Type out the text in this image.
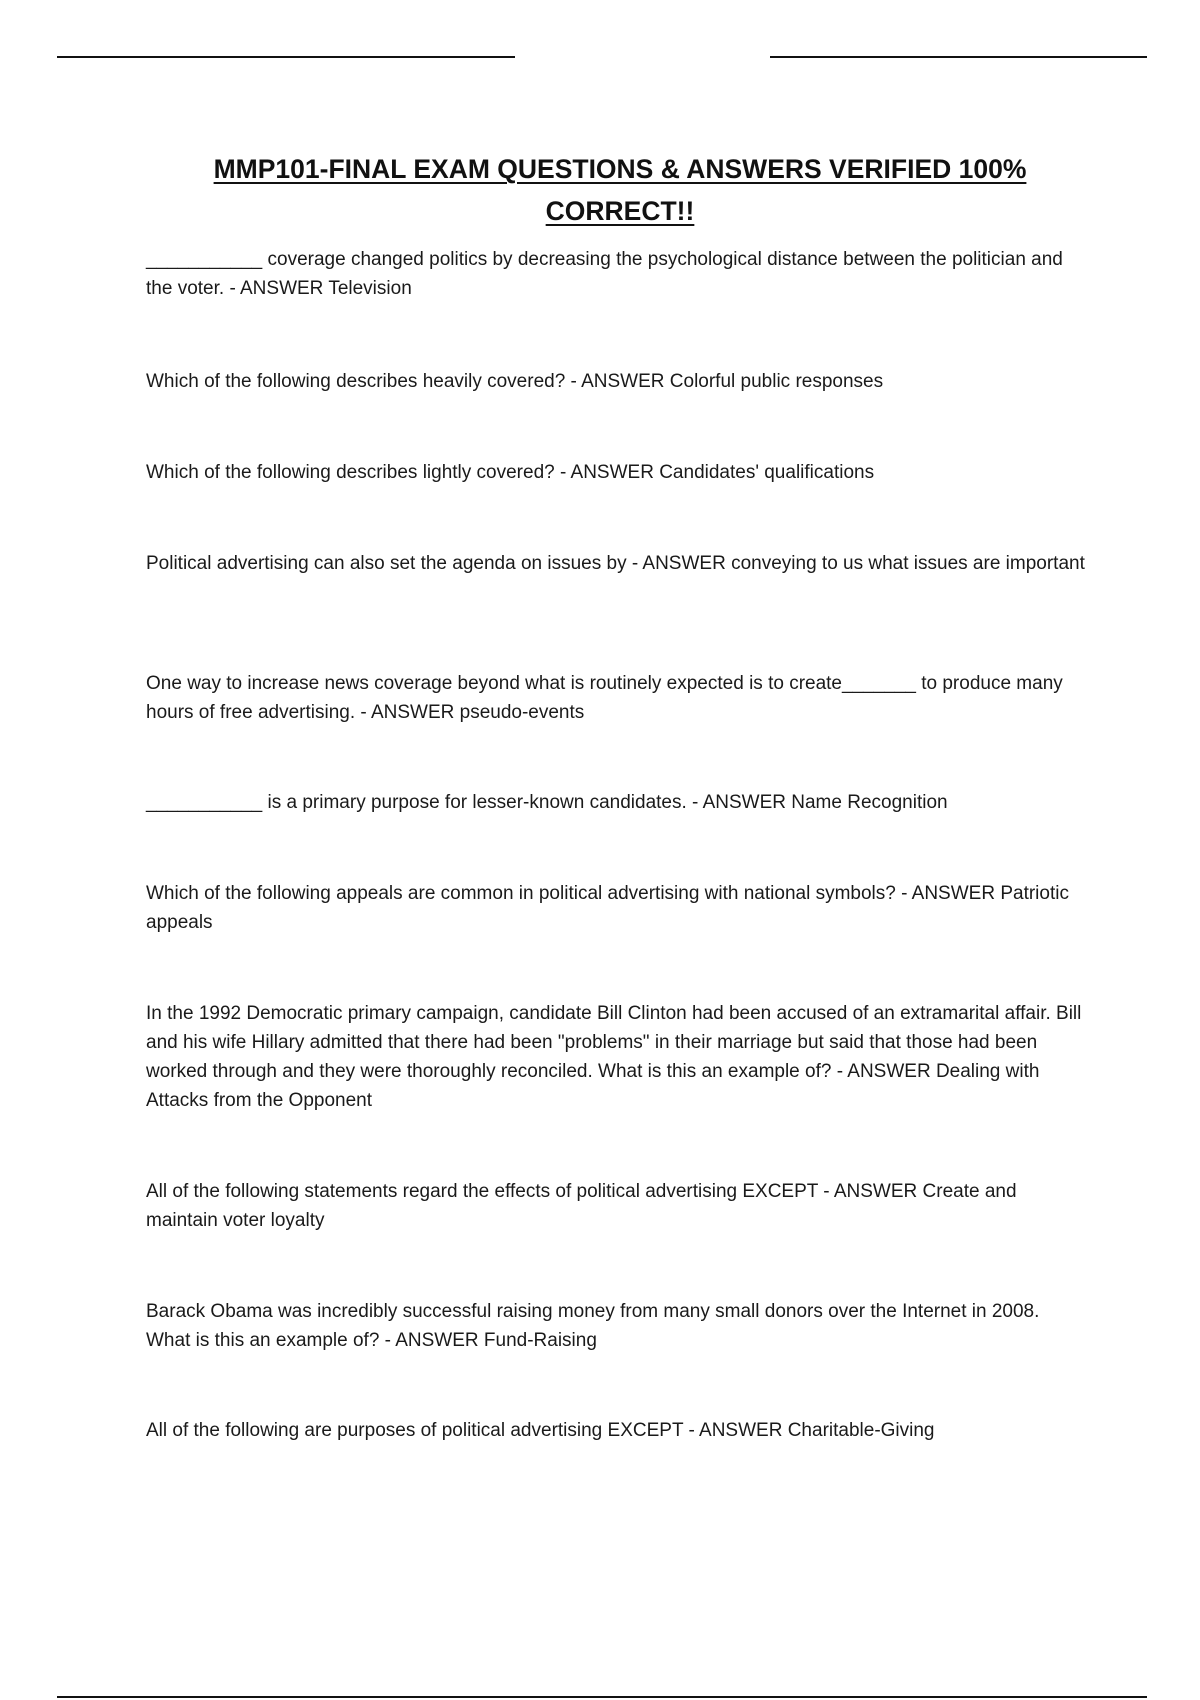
MMP101-FINAL EXAM QUESTIONS & ANSWERS VERIFIED 100% CORRECT!!
___________ coverage changed politics by decreasing the psychological distance between the politician and the voter. - ANSWER Television
Which of the following describes heavily covered? - ANSWER Colorful public responses
Which of the following describes lightly covered? - ANSWER Candidates' qualifications
Political advertising can also set the agenda on issues by - ANSWER conveying to us what issues are important
One way to increase news coverage beyond what is routinely expected is to create_______ to produce many hours of free advertising. - ANSWER pseudo-events
___________ is a primary purpose for lesser-known candidates. - ANSWER Name Recognition
Which of the following appeals are common in political advertising with national symbols? - ANSWER Patriotic appeals
In the 1992 Democratic primary campaign, candidate Bill Clinton had been accused of an extramarital affair. Bill and his wife Hillary admitted that there had been "problems" in their marriage but said that those had been worked through and they were thoroughly reconciled. What is this an example of? - ANSWER Dealing with Attacks from the Opponent
All of the following statements regard the effects of political advertising EXCEPT - ANSWER Create and maintain voter loyalty
Barack Obama was incredibly successful raising money from many small donors over the Internet in 2008. What is this an example of? - ANSWER Fund-Raising
All of the following are purposes of political advertising EXCEPT - ANSWER Charitable-Giving
